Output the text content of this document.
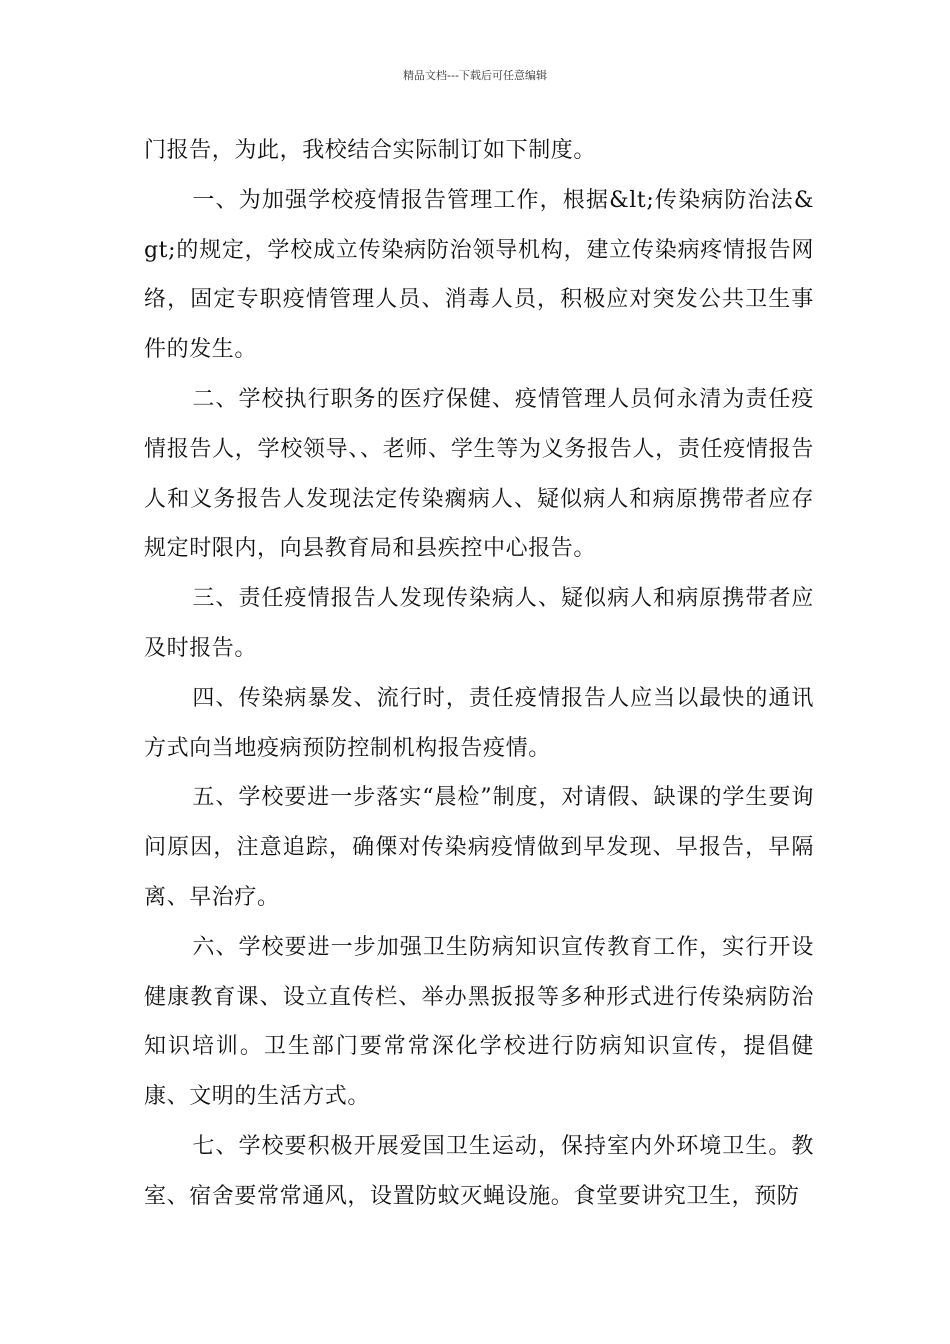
精品文档---下载后可任意编辑

门报告，为此，我校结合实际制订如下制度。

一、为加强学校疫情报告管理工作，根据&lt;传染病防治法&gt;的规定，学校成立传染病防治领导机构，建立传染病疼情报告网络，固定专职疫情管理人员、消毒人员，积极应对突发公共卫生事件的发生。

二、学校执行职务的医疗保健、疫情管理人员何永清为责任疫情报告人，学校领导、、老师、学生等为义务报告人，责任疫情报告人和义务报告人发现法定传染瘸病人、疑似病人和病原携带者应存规定时限内，向县教育局和县疾控中心报告。

三、责任疫情报告人发现传染病人、疑似病人和病原携带者应及时报告。

四、传染病暴发、流行时，责任疫情报告人应当以最快的通讯方式向当地疫病预防控制机构报告疫情。

五、学校要进一步落实“晨检”制度，对请假、缺课的学生要询问原因，注意追踪，确傈对传染病疫情做到早发现、早报告，早隔离、早治疗。

六、学校要进一步加强卫生防病知识宣传教育工作，实行开设健康教育课、设立直传栏、举办黑扳报等多种形式进行传染病防治知识培训。卫生部门要常常深化学校进行防病知识宣传，提倡健康、文明的生活方式。

七、学校要积极开展爱国卫生运动，保持室内外环境卫生。教室、宿舍要常常通风，设置防蚊灭蝇设施。食堂要讲究卫生，预防
